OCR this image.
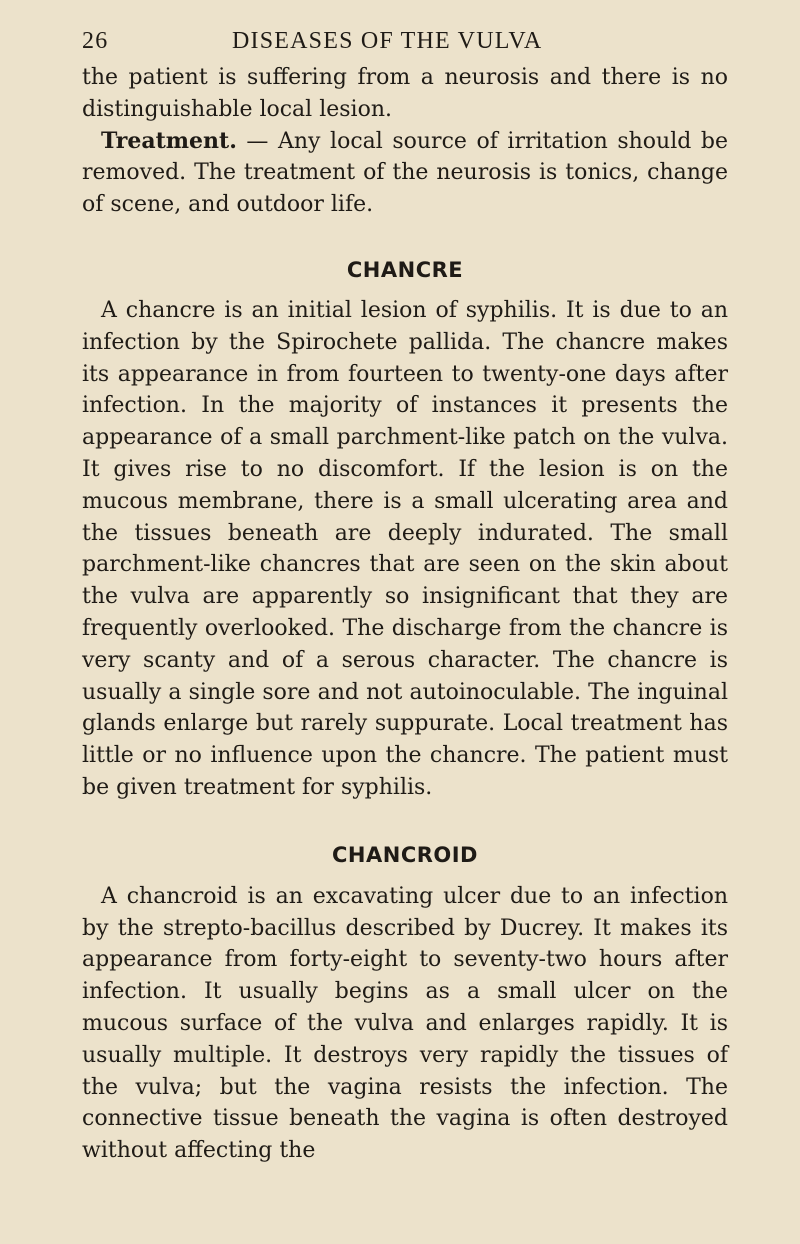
26	DISEASES OF THE VULVA

the patient is suffering from a neurosis and there is no distinguishable local lesion.

Treatment. — Any local source of irritation should be removed. The treatment of the neurosis is tonics, change of scene, and outdoor life.

CHANCRE

A chancre is an initial lesion of syphilis. It is due to an infection by the Spirochete pallida. The chancre makes its appearance in from fourteen to twenty-one days after infection. In the majority of instances it presents the appearance of a small parchment-like patch on the vulva. It gives rise to no discomfort. If the lesion is on the mucous membrane, there is a small ulcerating area and the tissues beneath are deeply indurated. The small parchment-like chancres that are seen on the skin about the vulva are apparently so insignificant that they are frequently overlooked. The discharge from the chancre is very scanty and of a serous character. The chancre is usually a single sore and not autoinoculable. The inguinal glands enlarge but rarely suppurate. Local treatment has little or no influence upon the chancre. The patient must be given treatment for syphilis.

CHANCROID

A chancroid is an excavating ulcer due to an infection by the strepto-bacillus described by Ducrey. It makes its appearance from forty-eight to seventy-two hours after infection. It usually begins as a small ulcer on the mucous surface of the vulva and enlarges rapidly. It is usually multiple. It destroys very rapidly the tissues of the vulva; but the vagina resists the infection. The connective tissue beneath the vagina is often destroyed without affecting the
